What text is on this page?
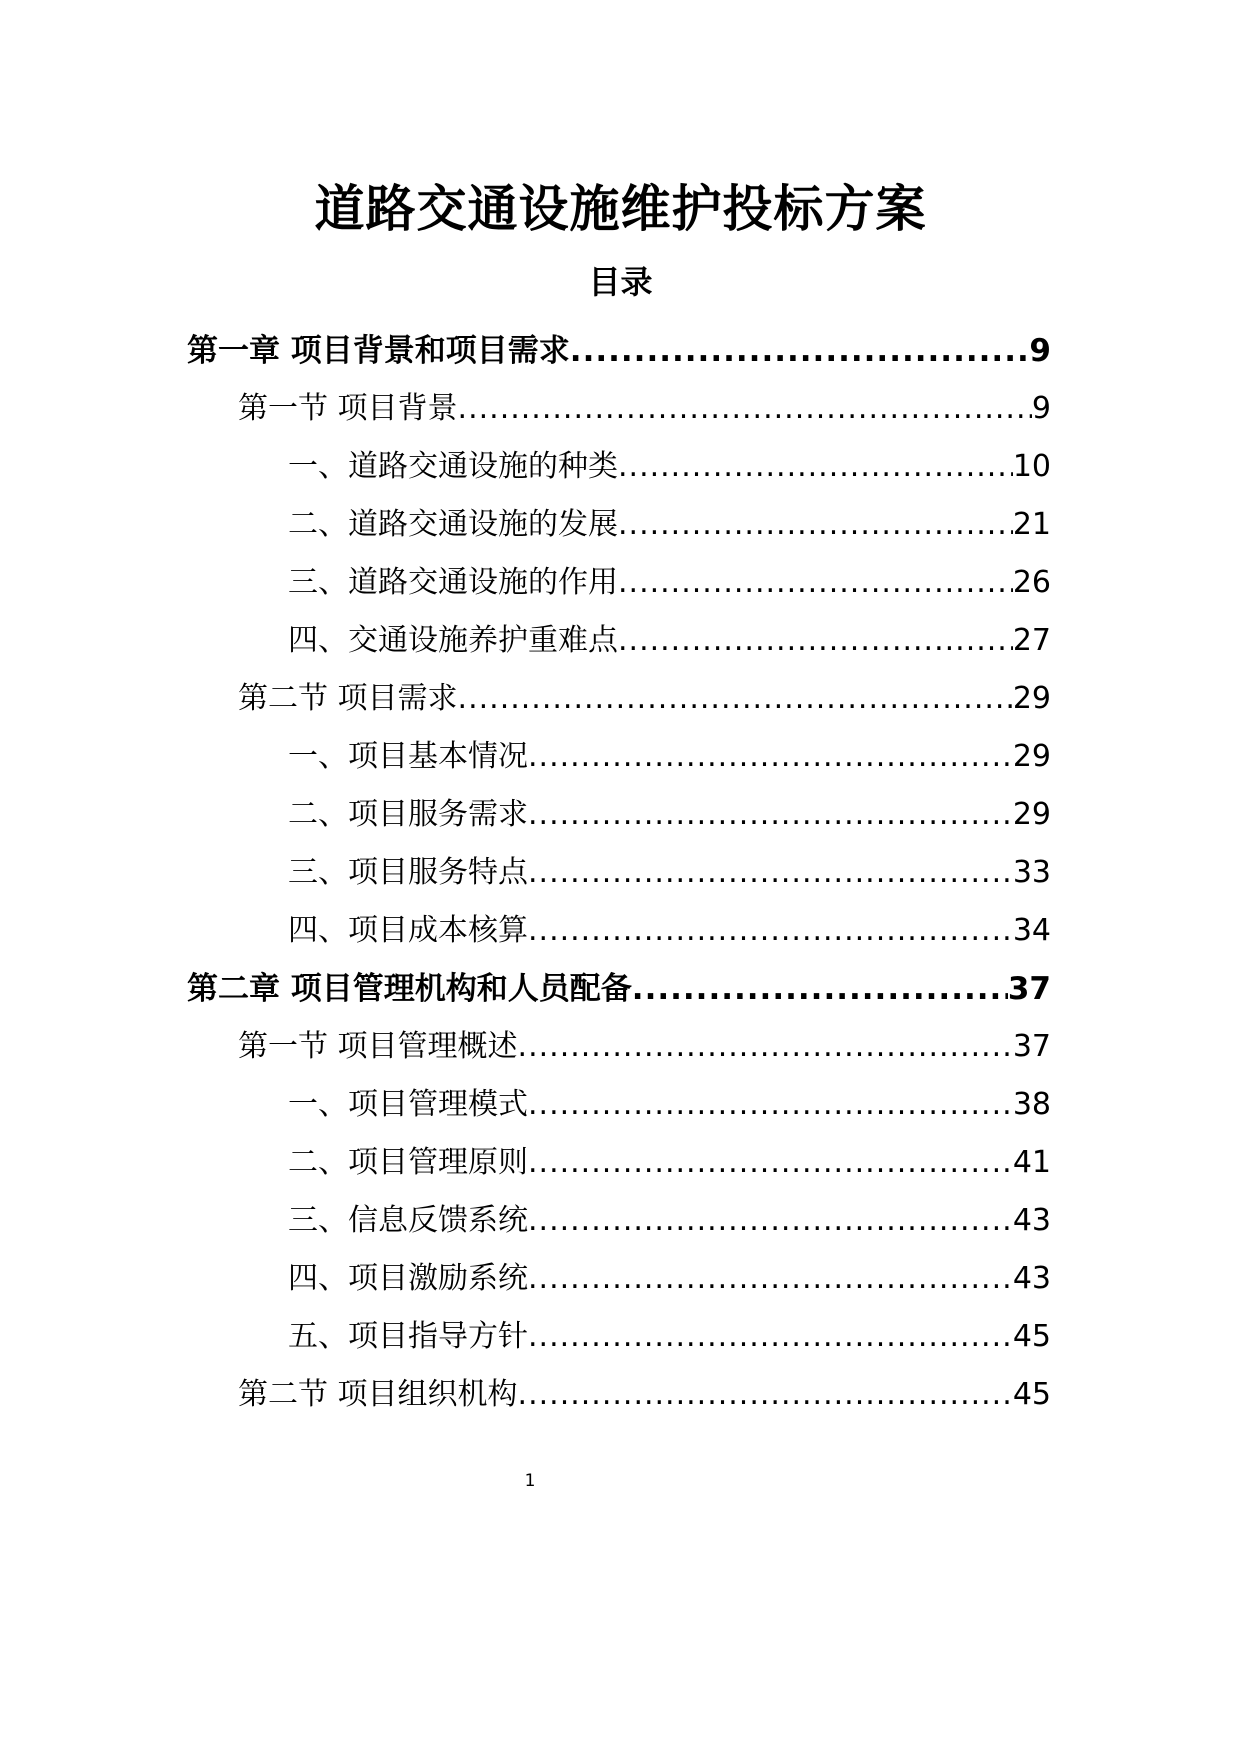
道路交通设施维护投标方案
目录
第一章 项目背景和项目需求 .....	9
第一节 项目背景 .....	9
一、道路交通设施的种类 .....	10
二、道路交通设施的发展 .....	21
三、道路交通设施的作用 .....	26
四、交通设施养护重难点 .....	27
第二节 项目需求 .....	29
一、项目基本情况 .....	29
二、项目服务需求 .....	29
三、项目服务特点 .....	33
四、项目成本核算 .....	34
第二章 项目管理机构和人员配备 .....	37
第一节 项目管理概述 .....	37
一、项目管理模式 .....	38
二、项目管理原则 .....	41
三、信息反馈系统 .....	43
四、项目激励系统 .....	43
五、项目指导方针 .....	45
第二节 项目组织机构 .....	45
1
